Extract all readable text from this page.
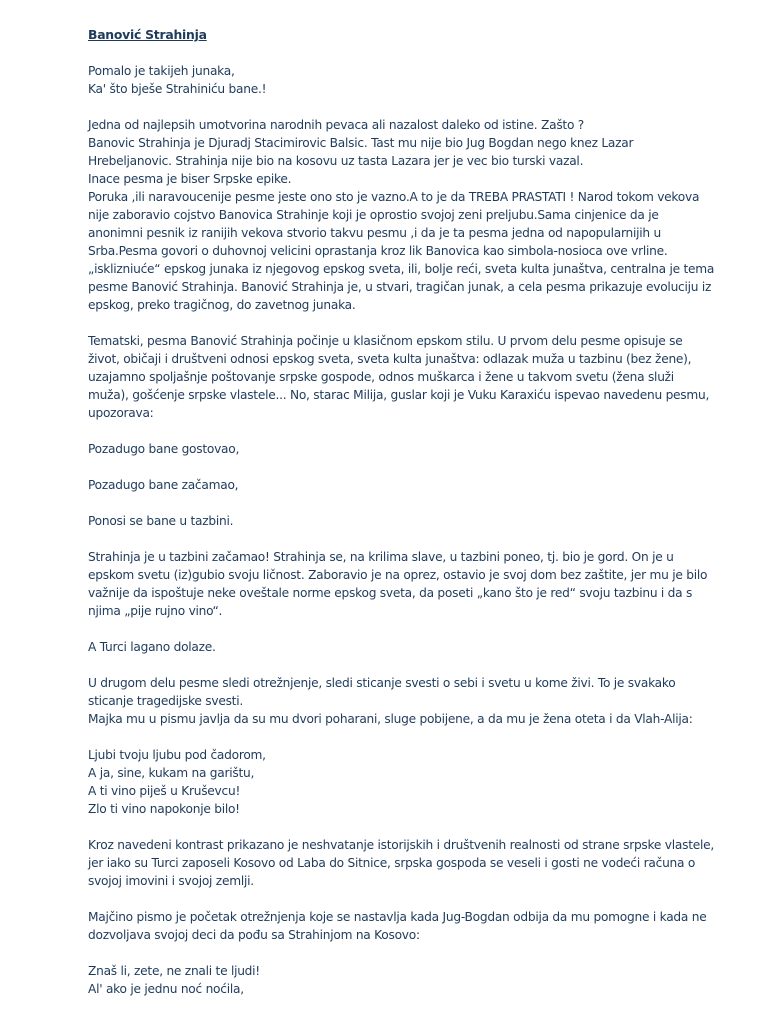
Banović Strahinja
Pomalo je takijeh junaka,
Ka' što bješe Strahiniću bane.!
Jedna od najlepsih umotvorina narodnih pevaca ali nazalost daleko od istine. Zašto ?
Banovic Strahinja je Djuradj Stacimirovic Balsic. Tast mu nije bio Jug Bogdan nego knez Lazar
Hrebeljanovic. Strahinja nije bio na kosovu uz tasta Lazara jer je vec bio turski vazal.
Inace pesma je biser Srpske epike.
Poruka ,ili naravoucenije pesme jeste ono sto je vazno.A to je da TREBA PRASTATI ! Narod tokom vekova
nije zaboravio cojstvo Banovica Strahinje koji je oprostio svojoj zeni preljubu.Sama cinjenice da je
anonimni pesnik iz ranijih vekova stvorio takvu pesmu ,i da je ta pesma jedna od napopularnijih u
Srba.Pesma govori o duhovnoj velicini oprastanja kroz lik Banovica kao simbola-nosioca ove vrline.
„isklizniuće“ epskog junaka iz njegovog epskog sveta, ili, bolje reći, sveta kulta junaštva, centralna je tema
pesme Banović Strahinja. Banović Strahinja je, u stvari, tragičan junak, a cela pesma prikazuje evoluciju iz
epskog, preko tragičnog, do zavetnog junaka.
Tematski, pesma Banović Strahinja počinje u klasičnom epskom stilu. U prvom delu pesme opisuje se
život, običaji i društveni odnosi epskog sveta, sveta kulta junaštva: odlazak muža u tazbinu (bez žene),
uzajamno spoljašnje poštovanje srpske gospode, odnos muškarca i žene u takvom svetu (žena služi
muža), gošćenje srpske vlastele... No, starac Milija, guslar koji je Vuku Karaxiću ispevao navedenu pesmu,
upozorava:
Pozadugo bane gostovao,
Pozadugo bane začamao,
Ponosi se bane u tazbini.
Strahinja je u tazbini začamao! Strahinja se, na krilima slave, u tazbini poneo, tj. bio je gord. On je u
epskom svetu (iz)gubio svoju ličnost. Zaboravio je na oprez, ostavio je svoj dom bez zaštite, jer mu je bilo
važnije da ispoštuje neke oveštale norme epskog sveta, da poseti „kano što je red“ svoju tazbinu i da s
njima „pije rujno vino“.
A Turci lagano dolaze.
U drugom delu pesme sledi otrežnjenje, sledi sticanje svesti o sebi i svetu u kome živi. To je svakako
sticanje tragedijske svesti.
Majka mu u pismu javlja da su mu dvori poharani, sluge pobijene, a da mu je žena oteta i da Vlah-Alija:
Ljubi tvoju ljubu pod čadorom,
A ja, sine, kukam na garištu,
A ti vino piješ u Kruševcu!
Zlo ti vino napokonje bilo!
Kroz navedeni kontrast prikazano je neshvatanje istorijskih i društvenih realnosti od strane srpske vlastele,
jer iako su Turci zaposeli Kosovo od Laba do Sitnice, srpska gospoda se veseli i gosti ne vodeći računa o
svojoj imovini i svojoj zemlji.
Majčino pismo je početak otrežnjenja koje se nastavlja kada Jug-Bogdan odbija da mu pomogne i kada ne
dozvoljava svojoj deci da pođu sa Strahinjom na Kosovo:
Znaš li, zete, ne znali te ljudi!
Al' ako je jednu noć noćila,
